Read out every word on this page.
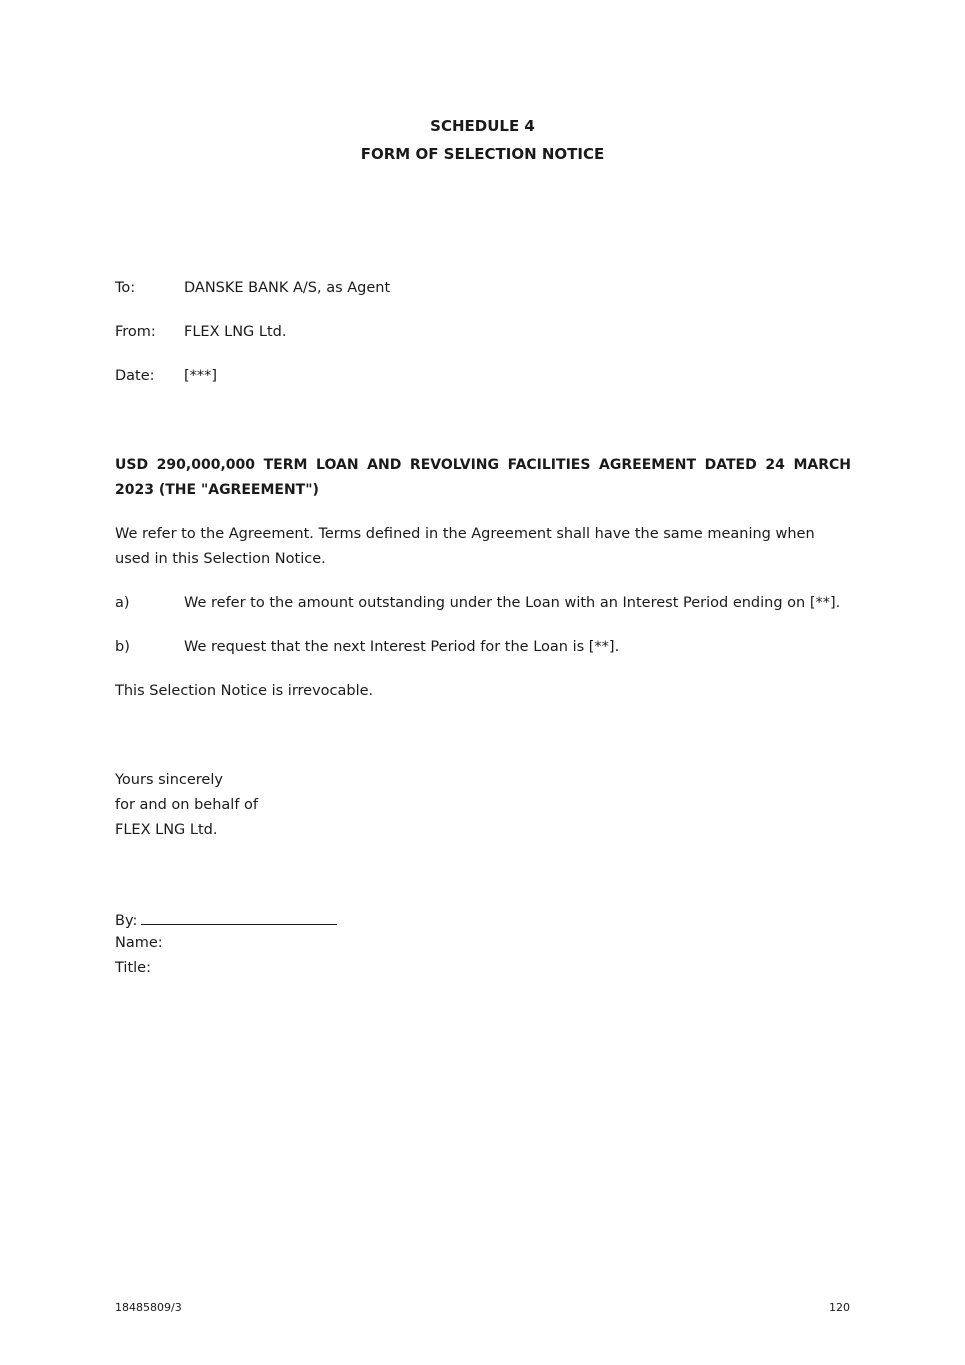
SCHEDULE 4
FORM OF SELECTION NOTICE
To:	DANSKE BANK A/S, as Agent
From: FLEX LNG Ltd.
Date: [***]
USD 290,000,000 TERM LOAN AND REVOLVING FACILITIES AGREEMENT DATED 24 MARCH 2023 (THE "AGREEMENT")
We refer to the Agreement. Terms defined in the Agreement shall have the same meaning when used in this Selection Notice.
a)	We refer to the amount outstanding under the Loan with an Interest Period ending on [**].
b)	We request that the next Interest Period for the Loan is [**].
This Selection Notice is irrevocable.
Yours sincerely
for and on behalf of
FLEX LNG Ltd.
By:
Name:
Title:
18485809/3	120
